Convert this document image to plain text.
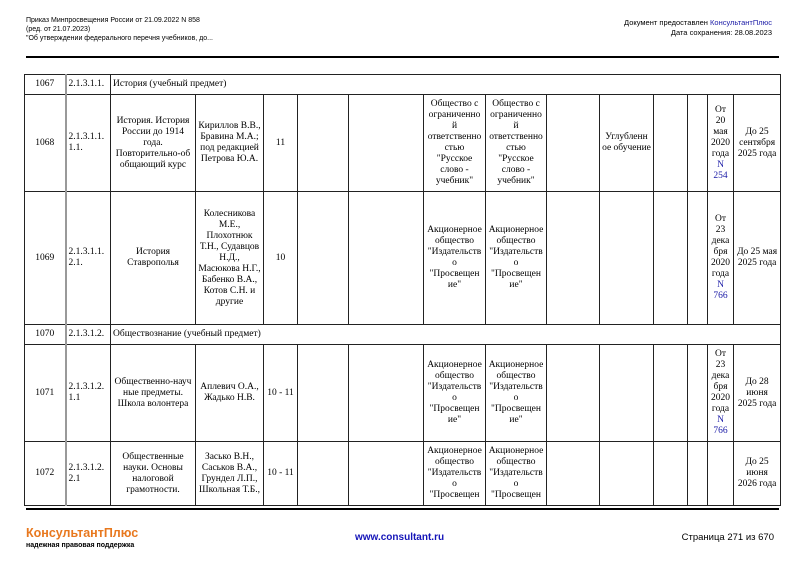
Приказ Минпросвещения России от 21.09.2022 N 858
(ред. от 21.07.2023)
"Об утверждении федерального перечня учебников, до...
Документ предоставлен КонсультантПлюс
Дата сохранения: 28.08.2023
1067	2.1.3.1.1.	История (учебный предмет)												
1068	2.1.3.1.1. 1.1.	История. История России до 1914 года. Повторительно-об общающий курс	Кириллов В.В., Бравина М.А.; под редакцией Петрова Ю.А.	11			Общество с ограниченно й ответственно стью "Русское слово - учебник"	Общество с ограниченно й ответственно стью "Русское слово - учебник"		Углубленн ое обучение			От 20 мая 2020 года N 254	До 25 сентября 2025 года
1069	2.1.3.1.1. 2.1.	История Ставрополья	Колесникова М.Е., Плохотнюк Т.Н., Судавцов Н.Д., Масюкова Н.Г., Бабенко В.А., Котов С.Н. и другие	10			Акционерное общество "Издательств о "Просвещен ие"	Акционерное общество "Издательств о "Просвещен ие"					От 23 дека бря 2020 года N 766	До 25 мая 2025 года
1070	2.1.3.1.2.	Обществознание (учебный предмет)												
1071	2.1.3.1.2. 1.1	Общественно-науч ные предметы. Школа волонтера	Аплевич О.А., Жадько Н.В.	10 - 11			Акционерное общество "Издательств о "Просвещен ие"	Акционерное общество "Издательств о "Просвещен ие"					От 23 дека бря 2020 года N 766	До 28 июня 2025 года
1072	2.1.3.1.2. 2.1	Общественные науки. Основы налоговой грамотности.	Засько В.Н., Саськов В.А., Грундел Л.П., Школьная Т.Б.,	10 - 11			Акционерное общество "Издательств о "Просвещен	Акционерное общество "Издательств о "Просвещен						До 25 июня 2026 года
КонсультантПлюс
надежная правовая поддержка
www.consultant.ru	Страница 271 из 670
